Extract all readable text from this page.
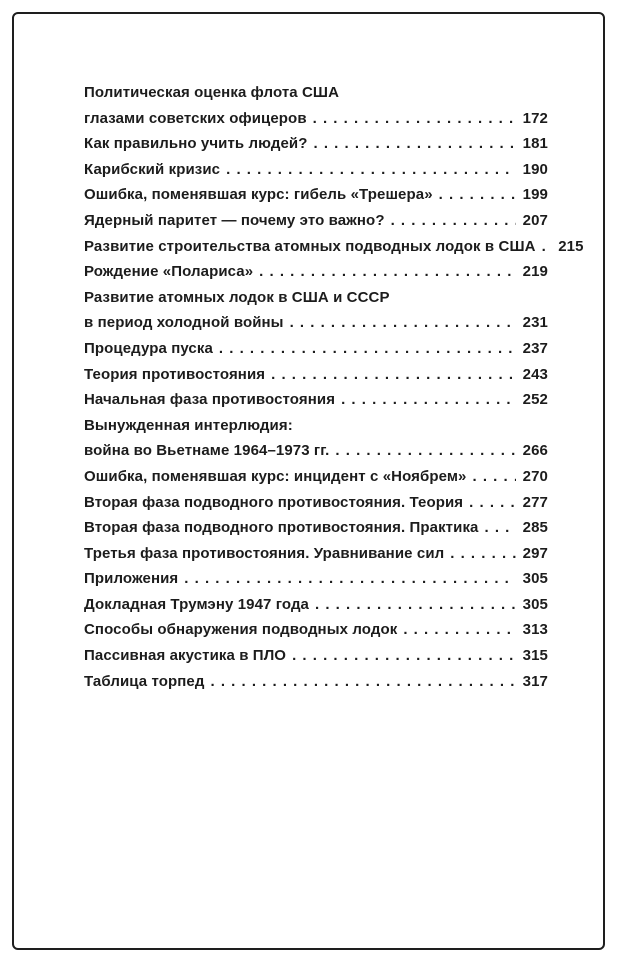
Политическая оценка флота США
глазами советских офицеров . . .	172
Как правильно учить людей? . . .	181
Карибский кризис . . .	190
Ошибка, поменявшая курс: гибель «Трешера» . . .	199
Ядерный паритет — почему это важно? . . .	207
Развитие строительства атомных подводных лодок в США . . . 215
Рождение «Полариса» . . .	219
Развитие атомных лодок в США и СССР
в период холодной войны . . .	231
Процедура пуска . . .	237
Теория противостояния . . .	243
Начальная фаза противостояния . . .	252
Вынужденная интерлюдия:
война во Вьетнаме 1964–1973 гг. . . .	266
Ошибка, поменявшая курс: инцидент с «Ноябрем» . . .	270
Вторая фаза подводного противостояния. Теория . . .	277
Вторая фаза подводного противостояния. Практика . . .	285
Третья фаза противостояния. Уравнивание сил . . .	297
Приложения . . .	305
Докладная Трумэну 1947 года . . .	305
Способы обнаружения подводных лодок . . .	313
Пассивная акустика в ПЛО . . .	315
Таблица торпед . . .	317
